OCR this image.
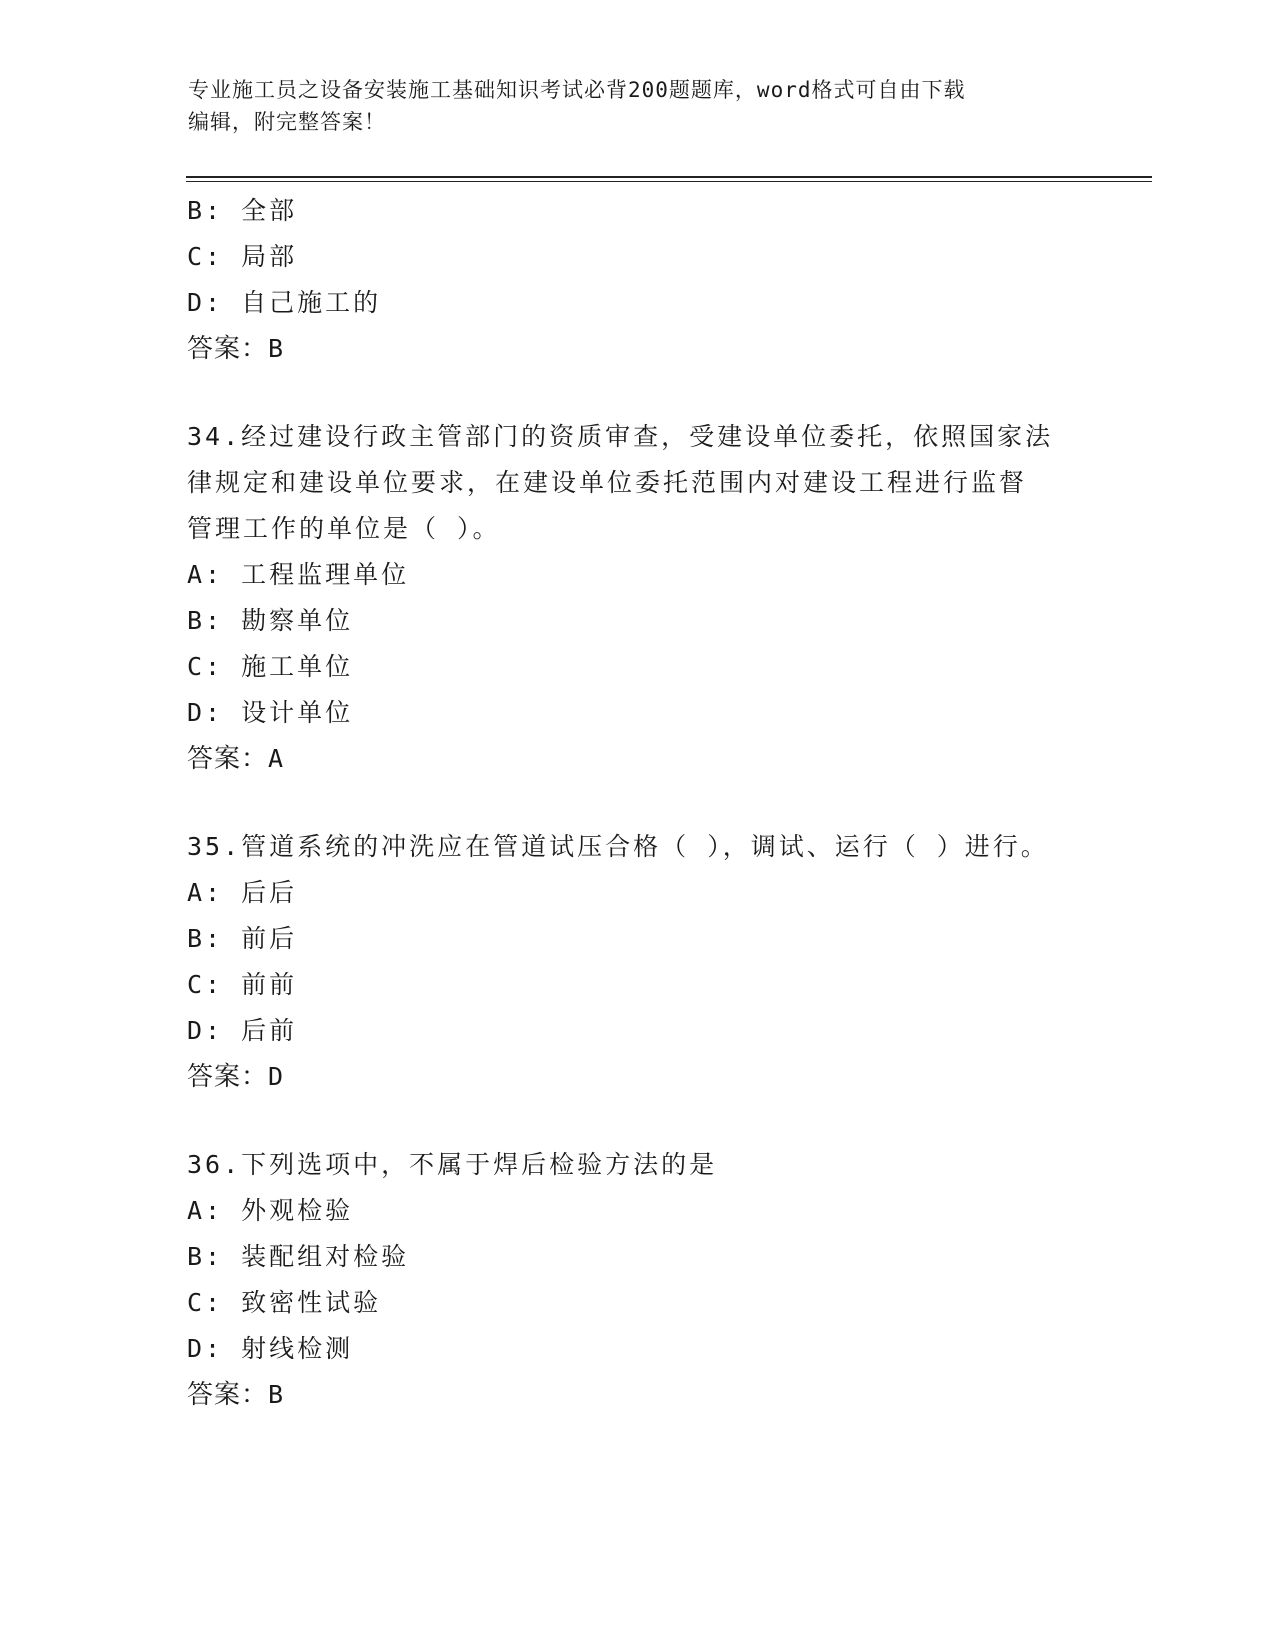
专业施工员之设备安装施工基础知识考试必背200题题库，word格式可自由下载
编辑，附完整答案！
B: 全部
C: 局部
D: 自己施工的
答案：B
34.经过建设行政主管部门的资质审查，受建设单位委托，依照国家法
律规定和建设单位要求，在建设单位委托范围内对建设工程进行监督
管理工作的单位是（ ）。
A: 工程监理单位
B: 勘察单位
C: 施工单位
D: 设计单位
答案：A
35.管道系统的冲洗应在管道试压合格（ ），调试、运行（ ）进行。
A: 后后
B: 前后
C: 前前
D: 后前
答案：D
36.下列选项中，不属于焊后检验方法的是
A: 外观检验
B: 装配组对检验
C: 致密性试验
D: 射线检测
答案：B
